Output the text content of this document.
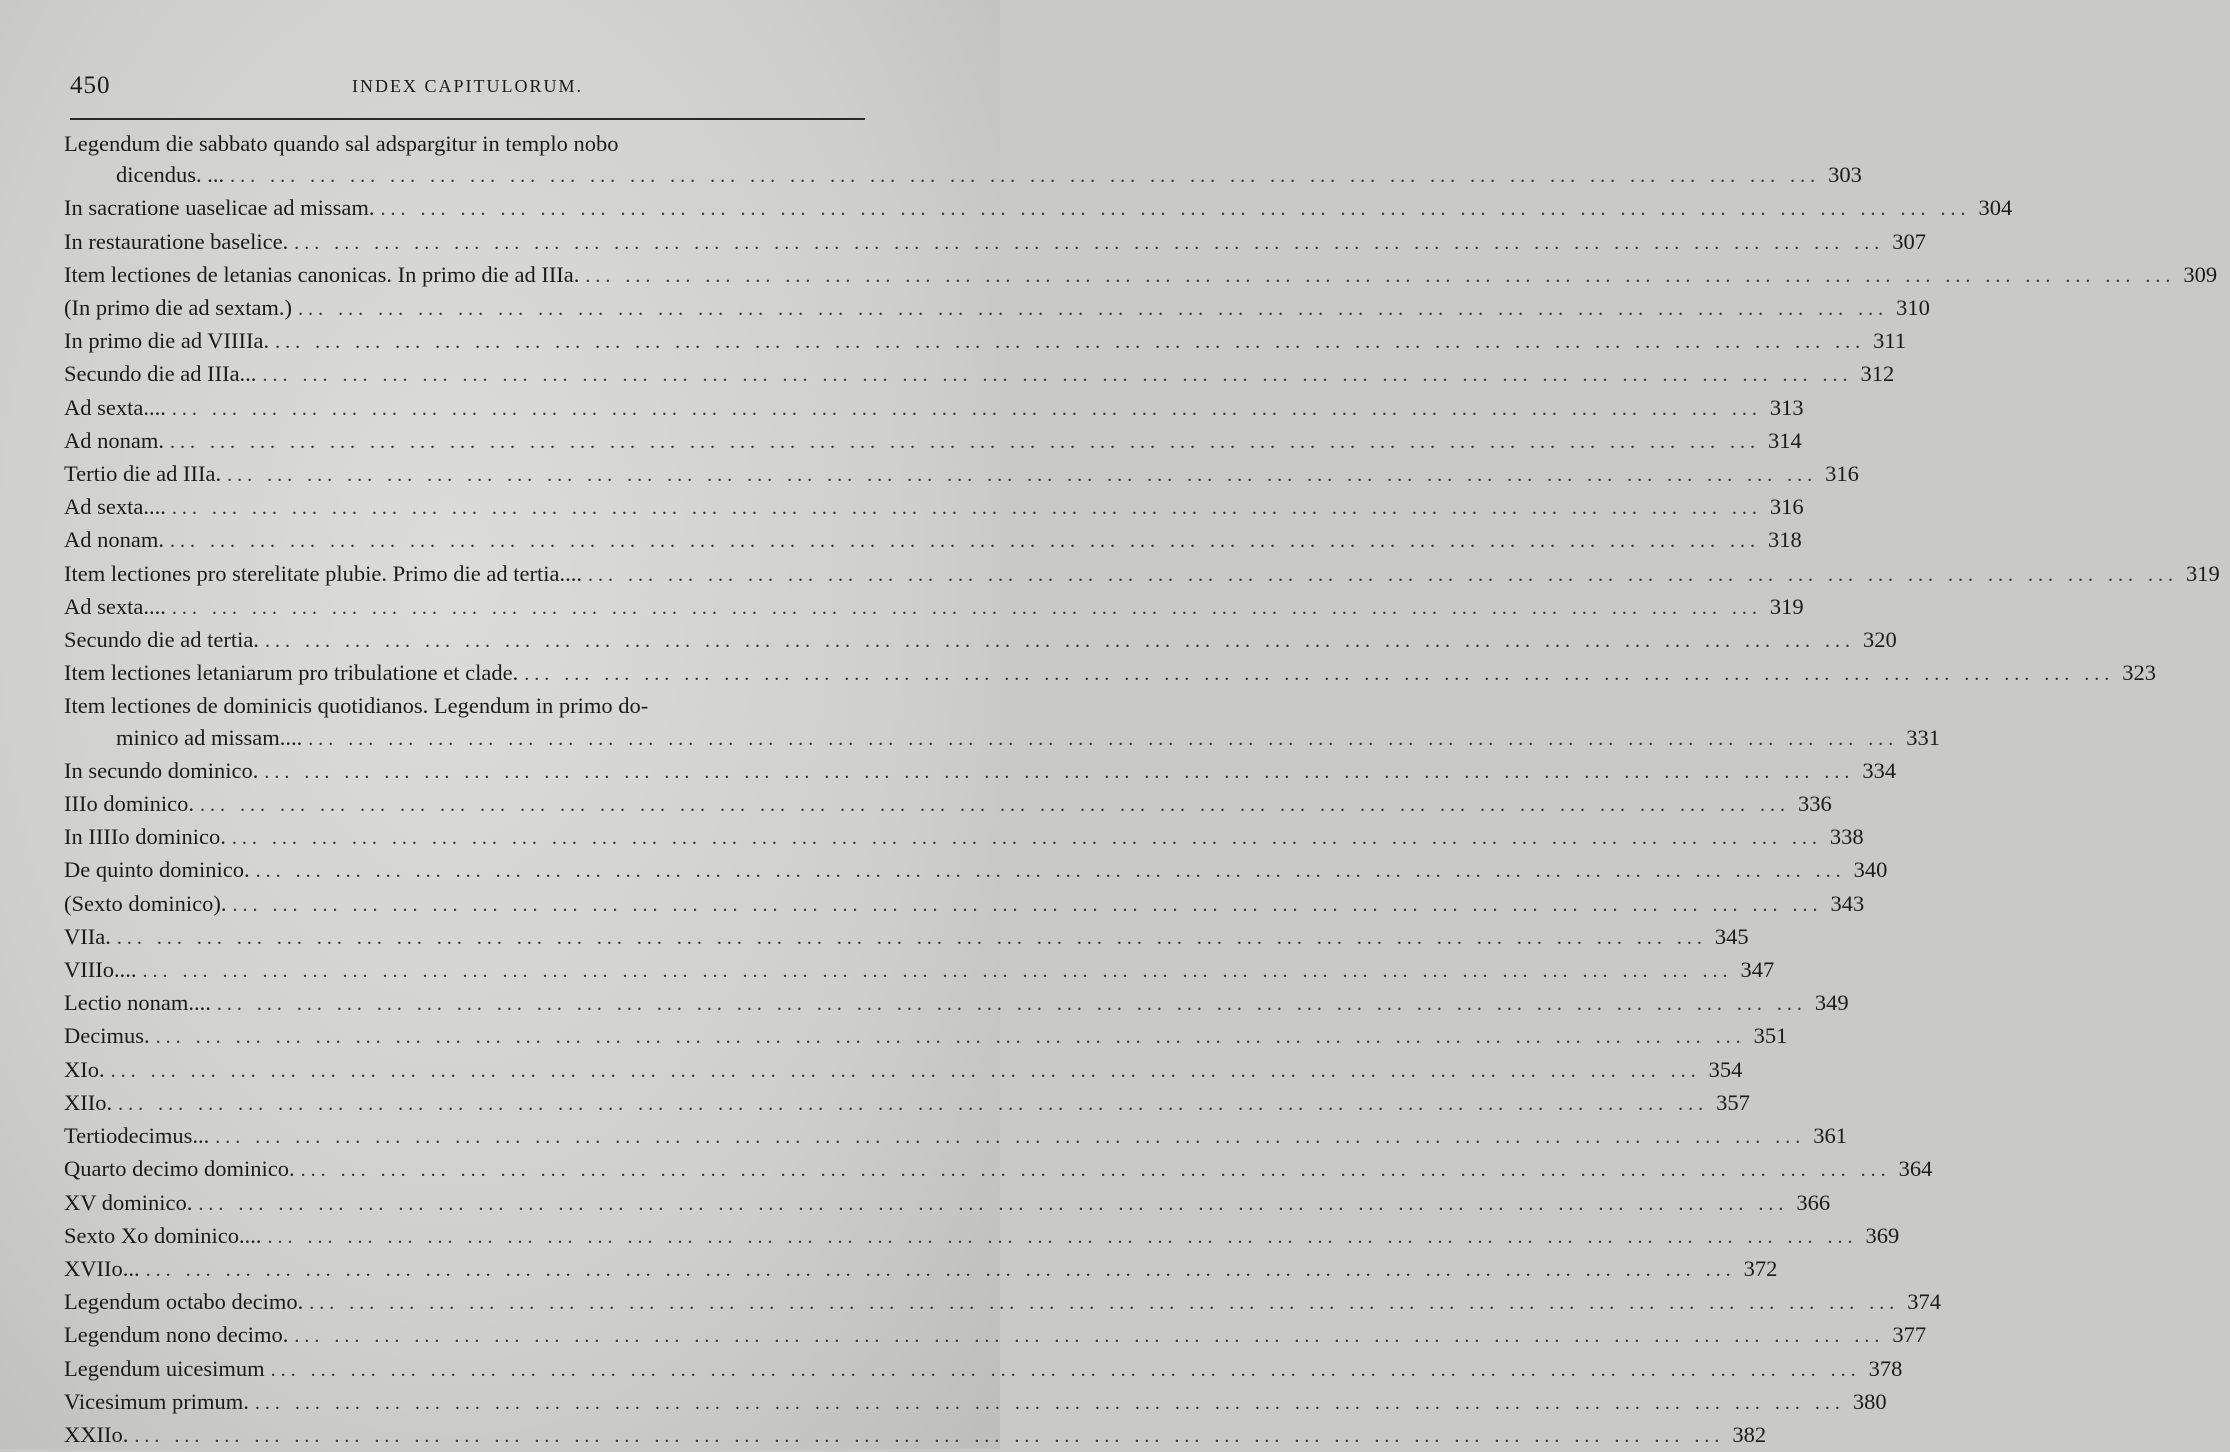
450	INDEX CAPITULORUM.
Legendum die sabbato quando sal adspargitur in templo nobo
dicendus. ... ... ... ... ... ... ... ... ... ... ... ... ... ... ... ... ... ... ... ... ... ... ... ... ... ... ... ... ... ... ... ... ... ... ... ... ... ... ... ... ... 303
In sacratione uaselicae ad missam. ... ... ... ... ... ... ... ... ... ... ... ... ... ... ... ... ... ... ... ... ... ... ... ... ... ... ... ... ... ... ... ... ... ... ... ... ... ... ... ... 304
In restauratione baselice. ... ... ... ... ... ... ... ... ... ... ... ... ... ... ... ... ... ... ... ... ... ... ... ... ... ... ... ... ... ... ... ... ... ... ... ... ... ... ... ... 307
Item lectiones de letanias canonicas. In primo die ad IIIa. ... ... ... ... ... ... ... ... ... ... ... ... ... ... ... ... ... ... ... ... ... ... ... ... ... ... ... ... ... ... ... ... ... ... ... ... ... ... ... ... 309
(In primo die ad sextam.) ... ... ... ... ... ... ... ... ... ... ... ... ... ... ... ... ... ... ... ... ... ... ... ... ... ... ... ... ... ... ... ... ... ... ... ... ... ... ... ... 310
In primo die ad VIIIIa. ... ... ... ... ... ... ... ... ... ... ... ... ... ... ... ... ... ... ... ... ... ... ... ... ... ... ... ... ... ... ... ... ... ... ... ... ... ... ... ... 311
Secundo die ad IIIa... ... ... ... ... ... ... ... ... ... ... ... ... ... ... ... ... ... ... ... ... ... ... ... ... ... ... ... ... ... ... ... ... ... ... ... ... ... ... ... ... 312
Ad sexta.... ... ... ... ... ... ... ... ... ... ... ... ... ... ... ... ... ... ... ... ... ... ... ... ... ... ... ... ... ... ... ... ... ... ... ... ... ... ... ... ... 313
Ad nonam. ... ... ... ... ... ... ... ... ... ... ... ... ... ... ... ... ... ... ... ... ... ... ... ... ... ... ... ... ... ... ... ... ... ... ... ... ... ... ... ... 314
Tertio die ad IIIa. ... ... ... ... ... ... ... ... ... ... ... ... ... ... ... ... ... ... ... ... ... ... ... ... ... ... ... ... ... ... ... ... ... ... ... ... ... ... ... ... 316
Ad sexta.... ... ... ... ... ... ... ... ... ... ... ... ... ... ... ... ... ... ... ... ... ... ... ... ... ... ... ... ... ... ... ... ... ... ... ... ... ... ... ... ... 316
Ad nonam. ... ... ... ... ... ... ... ... ... ... ... ... ... ... ... ... ... ... ... ... ... ... ... ... ... ... ... ... ... ... ... ... ... ... ... ... ... ... ... ... 318
Item lectiones pro sterelitate plubie. Primo die ad tertia.... ... ... ... ... ... ... ... ... ... ... ... ... ... ... ... ... ... ... ... ... ... ... ... ... ... ... ... ... ... ... ... ... ... ... ... ... ... ... ... ... 319
Ad sexta.... ... ... ... ... ... ... ... ... ... ... ... ... ... ... ... ... ... ... ... ... ... ... ... ... ... ... ... ... ... ... ... ... ... ... ... ... ... ... ... ... 319
Secundo die ad tertia. ... ... ... ... ... ... ... ... ... ... ... ... ... ... ... ... ... ... ... ... ... ... ... ... ... ... ... ... ... ... ... ... ... ... ... ... ... ... ... ... 320
Item lectiones letaniarum pro tribulatione et clade. ... ... ... ... ... ... ... ... ... ... ... ... ... ... ... ... ... ... ... ... ... ... ... ... ... ... ... ... ... ... ... ... ... ... ... ... ... ... ... ... 323
Item lectiones de dominicis quotidianos. Legendum in primo do-
minico ad missam.... ... ... ... ... ... ... ... ... ... ... ... ... ... ... ... ... ... ... ... ... ... ... ... ... ... ... ... ... ... ... ... ... ... ... ... ... ... ... ... ... 331
In secundo dominico. ... ... ... ... ... ... ... ... ... ... ... ... ... ... ... ... ... ... ... ... ... ... ... ... ... ... ... ... ... ... ... ... ... ... ... ... ... ... ... ... 334
IIIo dominico. ... ... ... ... ... ... ... ... ... ... ... ... ... ... ... ... ... ... ... ... ... ... ... ... ... ... ... ... ... ... ... ... ... ... ... ... ... ... ... ... 336
In IIIIo dominico. ... ... ... ... ... ... ... ... ... ... ... ... ... ... ... ... ... ... ... ... ... ... ... ... ... ... ... ... ... ... ... ... ... ... ... ... ... ... ... ... 338
De quinto dominico. ... ... ... ... ... ... ... ... ... ... ... ... ... ... ... ... ... ... ... ... ... ... ... ... ... ... ... ... ... ... ... ... ... ... ... ... ... ... ... ... 340
(Sexto dominico). ... ... ... ... ... ... ... ... ... ... ... ... ... ... ... ... ... ... ... ... ... ... ... ... ... ... ... ... ... ... ... ... ... ... ... ... ... ... ... ... 343
VIIa. ... ... ... ... ... ... ... ... ... ... ... ... ... ... ... ... ... ... ... ... ... ... ... ... ... ... ... ... ... ... ... ... ... ... ... ... ... ... ... ... 345
VIIIo.... ... ... ... ... ... ... ... ... ... ... ... ... ... ... ... ... ... ... ... ... ... ... ... ... ... ... ... ... ... ... ... ... ... ... ... ... ... ... ... ... 347
Lectio nonam.... ... ... ... ... ... ... ... ... ... ... ... ... ... ... ... ... ... ... ... ... ... ... ... ... ... ... ... ... ... ... ... ... ... ... ... ... ... ... ... ... 349
Decimus. ... ... ... ... ... ... ... ... ... ... ... ... ... ... ... ... ... ... ... ... ... ... ... ... ... ... ... ... ... ... ... ... ... ... ... ... ... ... ... ... 351
XIo. ... ... ... ... ... ... ... ... ... ... ... ... ... ... ... ... ... ... ... ... ... ... ... ... ... ... ... ... ... ... ... ... ... ... ... ... ... ... ... ... 354
XIIo. ... ... ... ... ... ... ... ... ... ... ... ... ... ... ... ... ... ... ... ... ... ... ... ... ... ... ... ... ... ... ... ... ... ... ... ... ... ... ... ... 357
Tertiodecimus... ... ... ... ... ... ... ... ... ... ... ... ... ... ... ... ... ... ... ... ... ... ... ... ... ... ... ... ... ... ... ... ... ... ... ... ... ... ... ... ... 361
Quarto decimo dominico. ... ... ... ... ... ... ... ... ... ... ... ... ... ... ... ... ... ... ... ... ... ... ... ... ... ... ... ... ... ... ... ... ... ... ... ... ... ... ... ... 364
XV dominico. ... ... ... ... ... ... ... ... ... ... ... ... ... ... ... ... ... ... ... ... ... ... ... ... ... ... ... ... ... ... ... ... ... ... ... ... ... ... ... ... 366
Sexto Xo dominico.... ... ... ... ... ... ... ... ... ... ... ... ... ... ... ... ... ... ... ... ... ... ... ... ... ... ... ... ... ... ... ... ... ... ... ... ... ... ... ... ... 369
XVIIo... ... ... ... ... ... ... ... ... ... ... ... ... ... ... ... ... ... ... ... ... ... ... ... ... ... ... ... ... ... ... ... ... ... ... ... ... ... ... ... ... 372
Legendum octabo decimo. ... ... ... ... ... ... ... ... ... ... ... ... ... ... ... ... ... ... ... ... ... ... ... ... ... ... ... ... ... ... ... ... ... ... ... ... ... ... ... ... 374
Legendum nono decimo. ... ... ... ... ... ... ... ... ... ... ... ... ... ... ... ... ... ... ... ... ... ... ... ... ... ... ... ... ... ... ... ... ... ... ... ... ... ... ... ... 377
Legendum uicesimum ... ... ... ... ... ... ... ... ... ... ... ... ... ... ... ... ... ... ... ... ... ... ... ... ... ... ... ... ... ... ... ... ... ... ... ... ... ... ... ... 378
Vicesimum primum. ... ... ... ... ... ... ... ... ... ... ... ... ... ... ... ... ... ... ... ... ... ... ... ... ... ... ... ... ... ... ... ... ... ... ... ... ... ... ... ... 380
XXIIo. ... ... ... ... ... ... ... ... ... ... ... ... ... ... ... ... ... ... ... ... ... ... ... ... ... ... ... ... ... ... ... ... ... ... ... ... ... ... ... ... 382
